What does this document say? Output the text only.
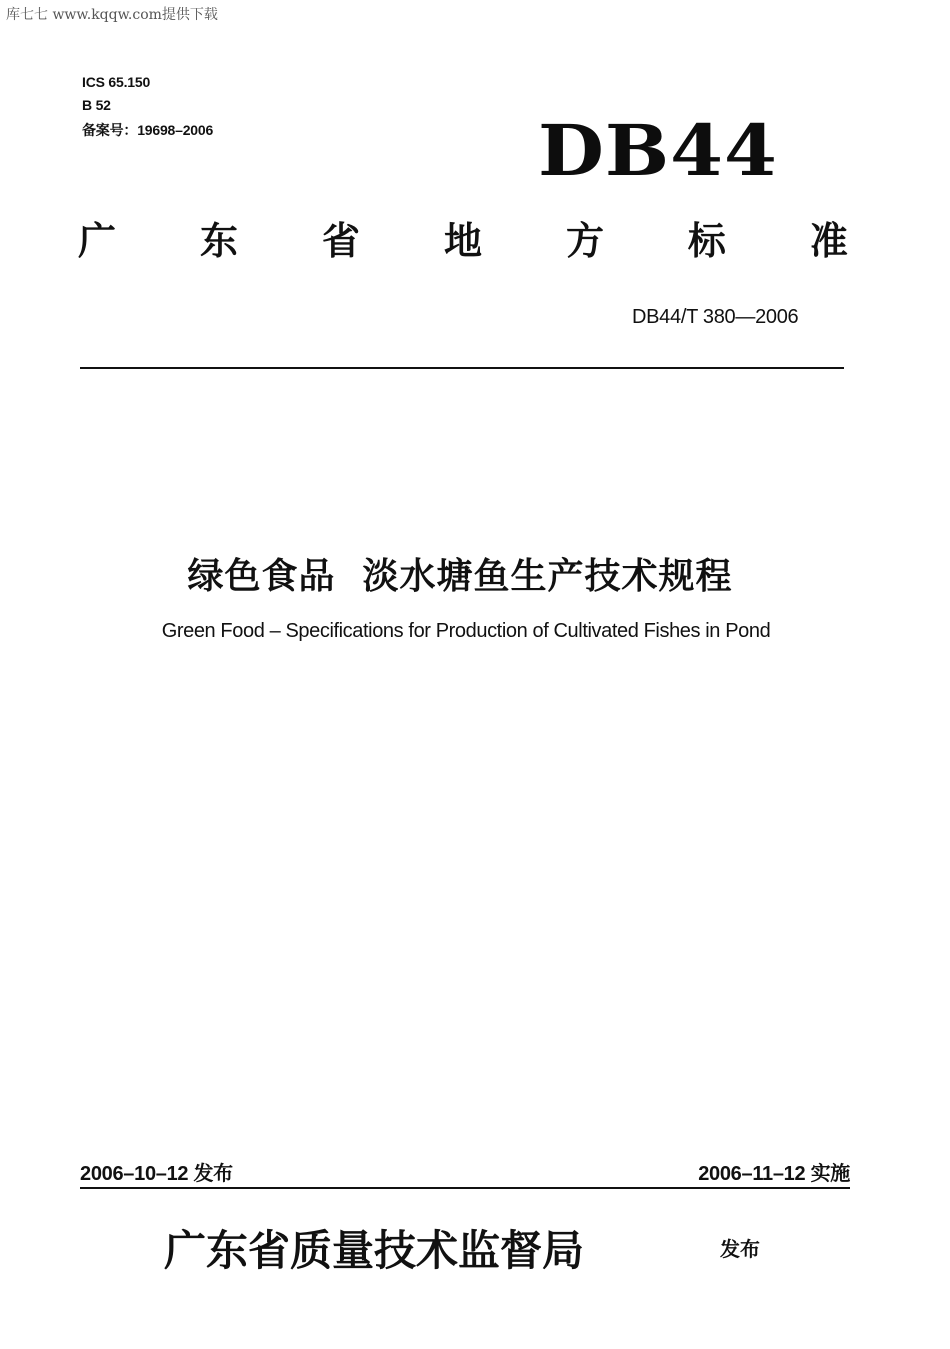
库七七 www.kqqw.com提供下载
ICS 65.150
B 52
备案号：19698–2006	DB44
广 东 省 地 方 标 准
DB44/T 380—2006
绿色食品  淡水塘鱼生产技术规程
Green Food – Specifications for Production of Cultivated Fishes in Pond
2006–10–12 发布	2006–11–12 实施
广东省质量技术监督局	发布
